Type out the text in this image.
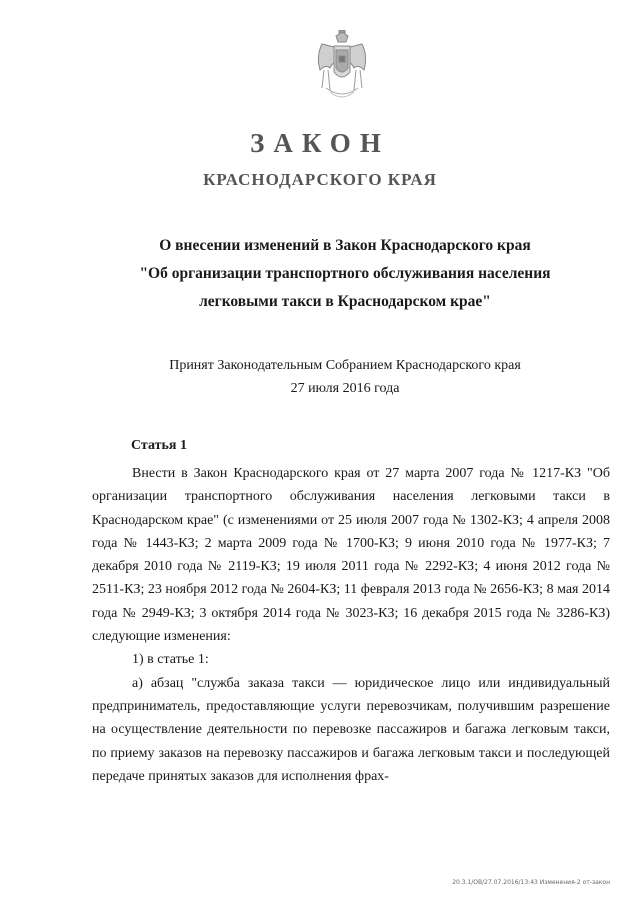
ЗАКОН
КРАСНОДАРСКОГО КРАЯ
О внесении изменений в Закон Краснодарского края
"Об организации транспортного обслуживания населения
легковыми такси в Краснодарском крае"
Принят Законодательным Собранием Краснодарского края
27 июля 2016 года
Статья 1

Внести в Закон Краснодарского края от 27 марта 2007 года № 1217-КЗ "Об организации транспортного обслуживания населения легковыми такси в Краснодарском крае" (с изменениями от 25 июля 2007 года № 1302-КЗ; 4 апреля 2008 года № 1443-КЗ; 2 марта 2009 года № 1700-КЗ; 9 июня 2010 года № 1977-КЗ; 7 декабря 2010 года № 2119-КЗ; 19 июля 2011 года № 2292-КЗ; 4 июня 2012 года № 2511-КЗ; 23 ноября 2012 года № 2604-КЗ; 11 февраля 2013 года № 2656-КЗ; 8 мая 2014 года № 2949-КЗ; 3 октября 2014 года № 3023-КЗ; 16 декабря 2015 года № 3286-КЗ) следующие изменения:

1) в статье 1:

а) абзац "служба заказа такси — юридическое лицо или индивидуальный предприниматель, предоставляющие услуги перевозчикам, получившим разрешение на осуществление деятельности по перевозке пассажиров и багажа легковым такси, по приему заказов на перевозку пассажиров и багажа легковым такси и последующей передаче принятых заказов для исполнения фрах-

20.3.1/ОВ/27.07.2016/13:43 Изменения-2 от-закон
